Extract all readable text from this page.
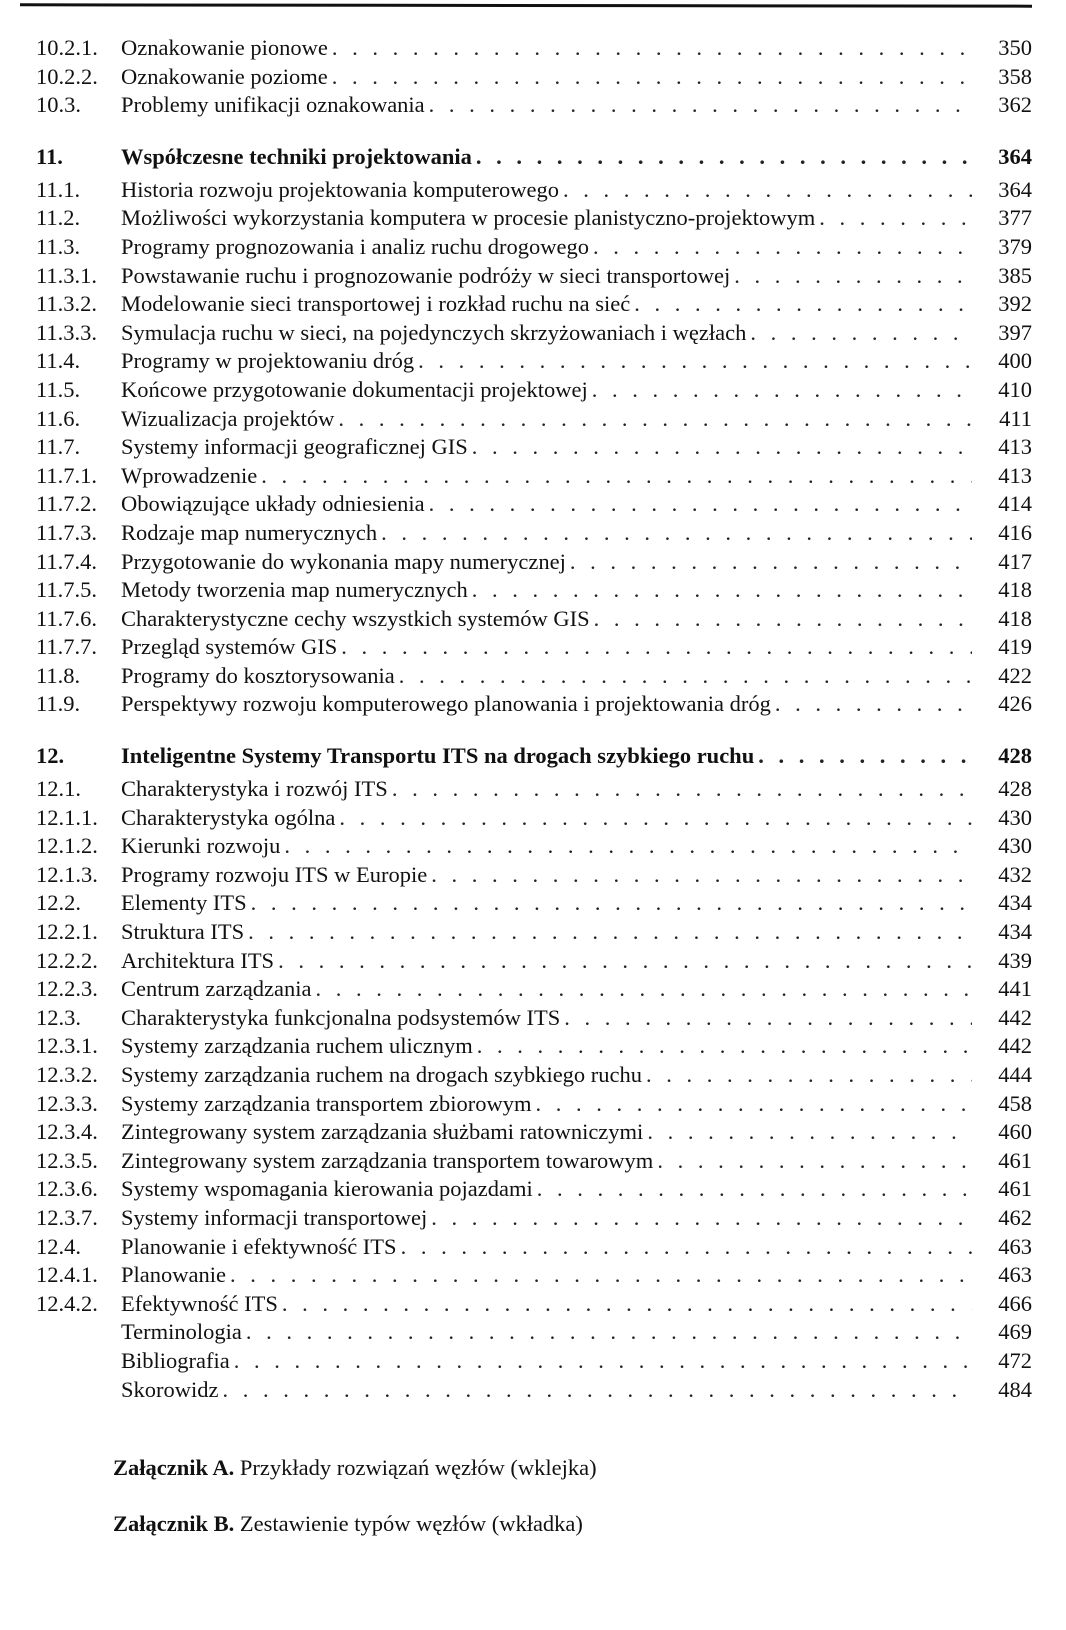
10.2.1.	Oznakowanie pionowe . . .	350
10.2.2.	Oznakowanie poziome . . .	358
10.3.	Problemy unifikacji oznakowania . . .	362
11.	Współczesne techniki projektowania . . .	364
11.1.	Historia rozwoju projektowania komputerowego . . .	364
11.2.	Możliwości wykorzystania komputera w procesie planistyczno-projektowym . . .	377
11.3.	Programy prognozowania i analiz ruchu drogowego . . .	379
11.3.1.	Powstawanie ruchu i prognozowanie podróży w sieci transportowej . . .	385
11.3.2.	Modelowanie sieci transportowej i rozkład ruchu na sieć . . .	392
11.3.3.	Symulacja ruchu w sieci, na pojedynczych skrzyżowaniach i węzłach . . .	397
11.4.	Programy w projektowaniu dróg . . .	400
11.5.	Końcowe przygotowanie dokumentacji projektowej . . .	410
11.6.	Wizualizacja projektów . . .	411
11.7.	Systemy informacji geograficznej GIS . . .	413
11.7.1.	Wprowadzenie . . .	413
11.7.2.	Obowiązujące układy odniesienia . . .	414
11.7.3.	Rodzaje map numerycznych . . .	416
11.7.4.	Przygotowanie do wykonania mapy numerycznej . . .	417
11.7.5.	Metody tworzenia map numerycznych . . .	418
11.7.6.	Charakterystyczne cechy wszystkich systemów GIS . . .	418
11.7.7.	Przegląd systemów GIS . . .	419
11.8.	Programy do kosztorysowania . . .	422
11.9.	Perspektywy rozwoju komputerowego planowania i projektowania dróg . . .	426
12.	Inteligentne Systemy Transportu ITS na drogach szybkiego ruchu . . .	428
12.1.	Charakterystyka i rozwój ITS . . .	428
12.1.1.	Charakterystyka ogólna . . .	430
12.1.2.	Kierunki rozwoju . . .	430
12.1.3.	Programy rozwoju ITS w Europie . . .	432
12.2.	Elementy ITS . . .	434
12.2.1.	Struktura ITS . . .	434
12.2.2.	Architektura ITS . . .	439
12.2.3.	Centrum zarządzania . . .	441
12.3.	Charakterystyka funkcjonalna podsystemów ITS . . .	442
12.3.1.	Systemy zarządzania ruchem ulicznym . . .	442
12.3.2.	Systemy zarządzania ruchem na drogach szybkiego ruchu . . .	444
12.3.3.	Systemy zarządzania transportem zbiorowym . . .	458
12.3.4.	Zintegrowany system zarządzania służbami ratowniczymi . . .	460
12.3.5.	Zintegrowany system zarządzania transportem towarowym . . .	461
12.3.6.	Systemy wspomagania kierowania pojazdami . . .	461
12.3.7.	Systemy informacji transportowej . . .	462
12.4.	Planowanie i efektywność ITS . . .	463
12.4.1.	Planowanie . . .	463
12.4.2.	Efektywność ITS . . .	466
Terminologia . . .	469
Bibliografia . . .	472
Skorowidz . . .	484
Załącznik A. Przykłady rozwiązań węzłów (wklejka)
Załącznik B. Zestawienie typów węzłów (wkładka)
